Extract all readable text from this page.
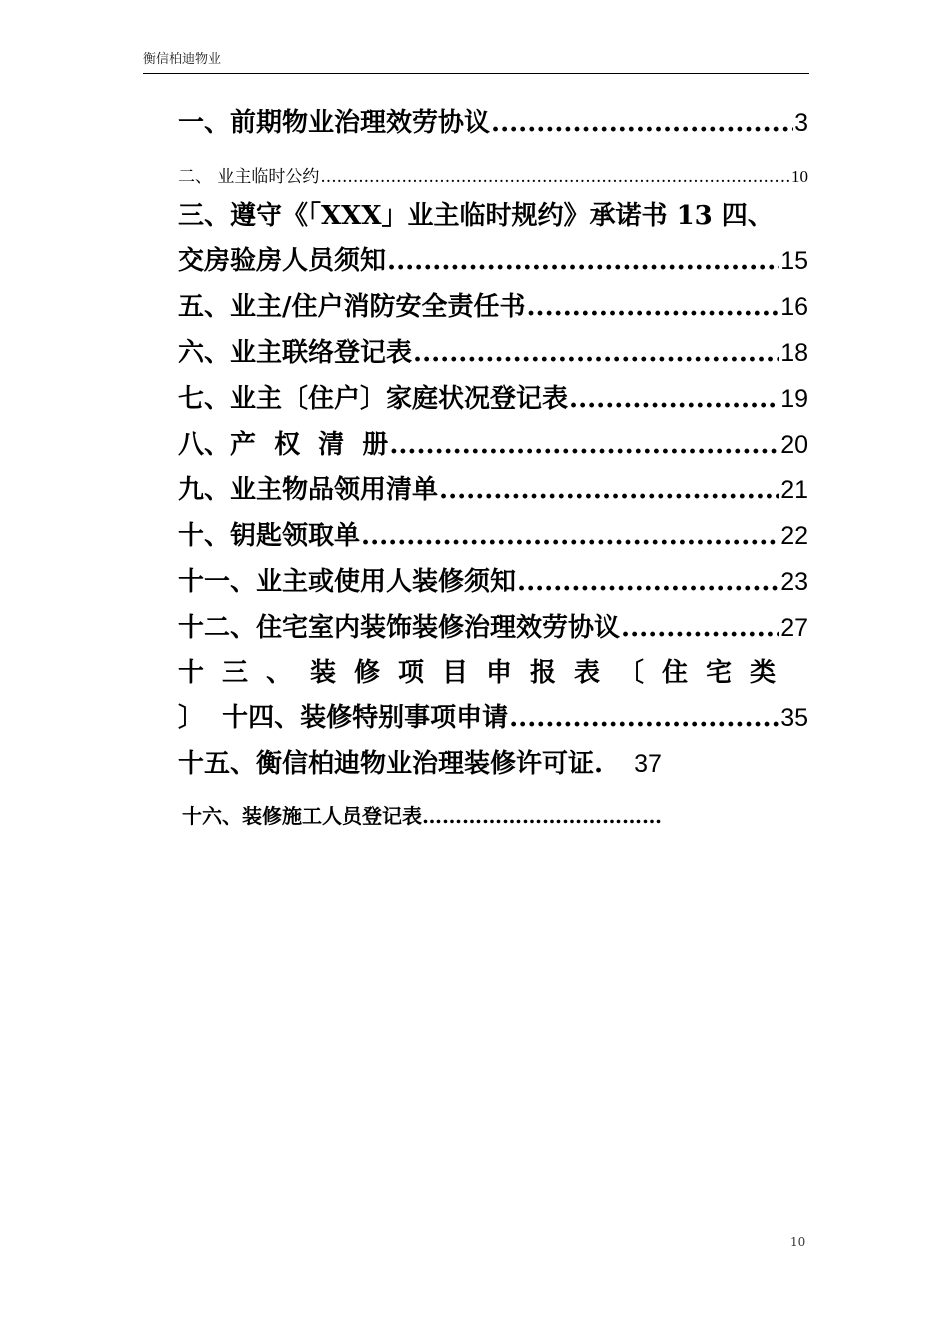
衡信柏迪物业
一、前期物业治理效劳协议 .....	3
二、 业主临时公约 .....	10
三、遵守《「XXX」业主临时规约》承诺书 13 四、
交房验房人员须知 .....	15
五、业主/住户消防安全责任书 .....	16
六、业主联络登记表 .....	18
七、业主〔住户〕家庭状况登记表 .....	19
八、产  权  清  册 .....	20
九、业主物品领用清单 .....	21
十、钥匙领取单 .....	22
十一、业主或使用人装修须知 .....	23
十二、住宅室内装饰装修治理效劳协议 .....	27
十三、装修项目申报表〔住宅类
〕  十四、装修特别事项申请 .....	35
十五、衡信柏迪物业治理装修许可证. 37
十六、装修施工人员登记表………………………………
10
